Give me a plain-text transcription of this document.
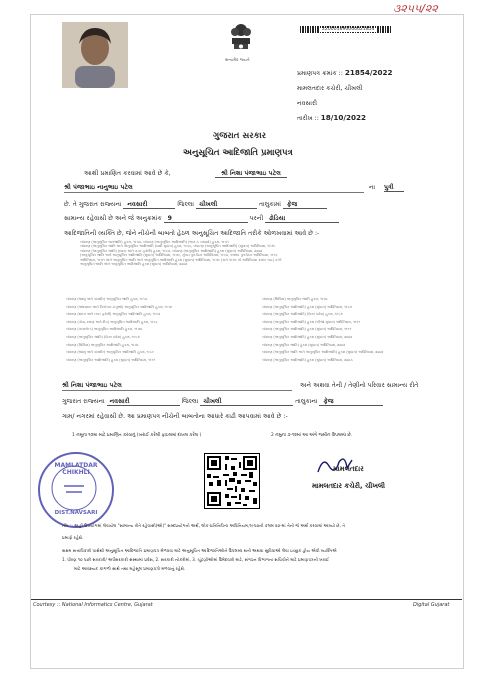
૩૨૫૫/૨૨
સત્યમેવ જયતે
220001890000021854
પ્રમાણપત્ર ક્રમાંક :: 21854/2022
મામલતદાર કચેરી, ચીખલી
નવસારી
તારીખ :: 18/10/2022
ગુજરાત સરકાર
અનુસૂચિત આદિજાતિ પ્રમાણપત્ર
આથી પ્રમાણિત કરવામાં આવે છે કે,	શ્રી નિશા પંજાભાઇ પટેલ
શ્રી પંજાભાઇ નાનુભાઇ પટેલ	ના પુત્રી
છે. તે ગુજરાત રાજ્યના નવસારી	જિલ્લા ચીખલી	તાલુકામાં ફેજ
સામાન્ય રહેવાસી છે અને જે અનુક્રમાંક 9	પરની ઢોડિયા
આદિજાતિની વ્યક્તિ છે, જેને નીચેની બાબતો હેઠળ અનુસૂચિત આદિજાતિ તરીકે ઓળખવામાં આવે છે :-
બંધારણ (અનુસૂચિત જનજાતિ) હુકમ, ૧૯૫૦, બંધારણ (અનુસૂચિત આદિજાતિ) (ભાગ-ક રાજ્યો) હુકમ, ૧૯૫૧
બંધારણ (અનુસૂચિત જાતિ અને અનુસૂચિત આદિજાતિ (યાદી સુધારા) હુકમ, ૧૯૫૬, બંધારણ (અનુસૂચિત આદિજાતિ) (સુધારા) અધિનિયમ, ૧૯૭૬
બંધારણ (અનુસૂચિત જાતિ) (દાદરા અને નગર હવેલી) હુકમ, ૧૯૬૨, બંધારણ (અનુસૂચિત આદિજાતિ) હુકમ (સુધારા) અધિનિયમ, ૨૦૦૨
(અનુસૂચિત જાતિ અને અનુસૂચિત આદિજાતિ (સુધારા) અધિનિયમ, ૧૯૭૬, મુંબઇ પુનર્ગઠન અધિનિયમ, ૧૯૬૦, પંજાબ પુનર્ગઠન અધિનિયમ, ૧૯૬૬
અધિનિયમ, ૧૯૭૧ અને અનુસૂચિત જાતિ અને અનુસૂચિત આદિજાતિ હુકમ (સુધારા) અધિનિયમ, ૧૯૭૬ (સને ૧૯૭૬ નો અધિનિયમ ક્રમાંક ૧૦૮) વગેરે
અનુસૂચિત જાતિ અને અનુસૂચિત આદિજાતિ હુકમ (સુધારા) અધિનિયમ, ૨૦૦૨
બંધારણ (જમ્મુ અને કાશ્મીર) અનુસૂચિત જાતિ હુકમ, ૧૯૫૬
બંધારણ (આંદામાન અને નિકોબાર ટાપુઓ) અનુસૂચિત આદિજાતિ હુકમ, ૧૯૫૯
બંધારણ (દાદરા અને નગર હવેલી) અનુસૂચિત આદિજાતિ હુકમ, ૧૯૬૨
બંધારણ (ગોવા, દમણ અને દીવ) અનુસૂચિત આદિજાતિ હુકમ, ૧૯૬૮
બંધારણ (નાગાલેન્ડ) અનુસૂચિત આદિજાતિ હુકમ, ૧૯૭૦
બંધારણ (અનુસૂચિત જાતિ) (ઉત્તર પ્રદેશ) હુકમ, ૧૯૬૭
બંધારણ (સિક્કિમ) અનુસૂચિત આદિજાતિ હુકમ, ૧૯૭૮
બંધારણ (જમ્મુ અને કાશ્મીર) અનુસૂચિત આદિજાતિ હુકમ, ૧૯૮૯
બંધારણ (અનુસૂચિત આદિજાતિ) હુકમ (સુધારા) અધિનિયમ, ૧૯૯૧
બંધારણ (સિક્કિમ) અનુસૂચિત જાતિ હુકમ, ૧૯૭૮
બંધારણ (અનુસૂચિત આદિજાતિ) હુકમ (સુધારા) અધિનિયમ, ૧૯૮૭
બંધારણ (અનુસૂચિત આદિજાતિ) (ઉત્તર પ્રદેશ) હુકમ, ૧૯૬૭
બંધારણ (અનુસૂચિત આદિજાતિ) હુકમ (બીજો સુધારા) અધિનિયમ, ૧૯૯૧
બંધારણ (અનુસૂચિત આદિજાતિ) હુકમ (સુધારા) અધિનિયમ, ૧૯૯૧
બંધારણ (અનુસૂચિત આદિજાતિ) હુકમ (સુધારા) અધિનિયમ, ૨૦૦૨
બંધારણ (અનુસૂચિત જાતિ) હુકમ (સુધારા) અધિનિયમ, ૨૦૦૨
બંધારણ (અનુસૂચિત જાતિ અને અનુસૂચિત આદિજાતિ) હુકમ (સુધારા) અધિનિયમ, ૨૦૦૨
બંધારણ (અનુસૂચિત આદિજાતિ) હુકમ (સુધારા) અધિનિયમ, ૨૦૦૩
શ્રી નિશા પંજાભાઇ પટેલ	અને અથવા તેની / તેણીનો પરિવાર સામાન્ય રીતે
ગુજરાત રાજ્યના નવસારી	જિલ્લા ચીખલી	તાલુકાના ફેજ
ગામ/ નગરમાં રહેવાસી છે. આ પ્રમાણપત્ર નીચેની બાબતોના આધારે કાઢી આપવામાં આવે છે :-
1 નમૂના ૧૦મા માટે પ્રમાણિત કરવાનું (ખરાઈ કરેલી ફાઇલમાં દાખલ કરેલ )	2 નમુના ૭-૧૨માં આ અંગે જમીન ઉપલબ્ધ છે.
MAMLATDAR CHIKHLI
DIST.NAVSARI
મામલતદાર
મામલતદાર કચેરી, ચીખલી
નોંધ :- અહીં ઉપયોગમાં લેવાયેલ "સામાન્ય રીતે રહેવાસી(ઓ)" શબ્દપ્રયોગનો અર્થ, લોક-પ્રતિનિધિત્વ અધિનિયમ,૧૯૫૦ની કલમ ૨૦-માં તેનો જે અર્થ કરવામાં આવ્યો છે, તે
પ્રમાણે રહેશે.
સક્ષમ સત્તાધિકારી પાસેથી અનુસૂચિત આદિજાતિ પ્રમાણપત્ર મેળવવા માટે અનુસૂચિત આદિજાતિઓને ઉપલબ્ધ થતી અથવા સુવિધાઓ લેવા ઇચ્છુક હોય એવી વ્યક્તિએ
1. ધોરણ ૧૦ પછી સરકારી/ અર્ધસરકારી સંસ્થામાં પ્રવેશ, 2. સરકારી નોકરીમાં, 3. ચૂંટણીઓમાં ઉમેદવારી માટે, સંગઠન વિભાગના સચિવોને માટે પ્રમાણપત્રની ખરાઈ
માટે આવશ્યક કાગળો સાથે તથા મહેસૂલ પ્રમાણપત્રો મળવાનું રહેશે.
Courtesy :: National Informatics Centre, Gujarat	Digital Gujarat
